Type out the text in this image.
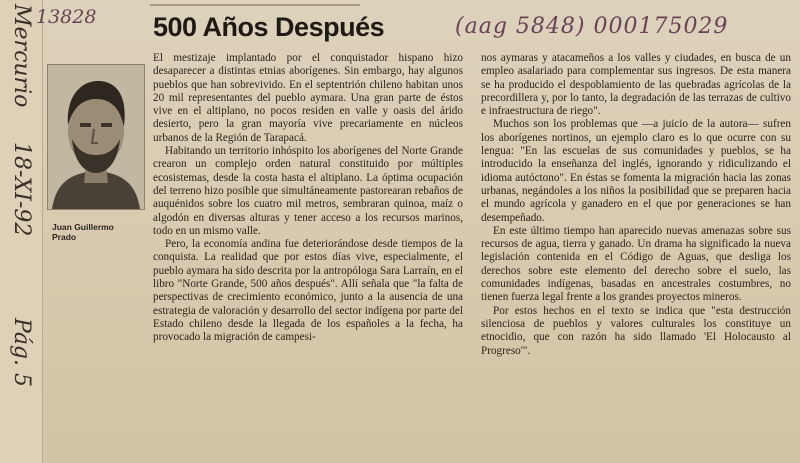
Mercurio
18-XI-92
Pág. 5
13828 500 Años Después	(aag 5848) 000175029
Juan Guillermo Prado

El mestizaje implantado por el conquistador hispano hizo desaparecer a distintas etnias aborígenes. Sin embargo, hay algunos pueblos que han sobrevivido. En el septentrión chileno habitan unos 20 mil representantes del pueblo aymara. Una gran parte de éstos vive en el altiplano, no pocos residen en valle y oasis del árido desierto, pero la gran mayoría vive precariamente en núcleos urbanos de la Región de Tarapacá.

Habitando un territorio inhóspito los aborígenes del Norte Grande crearon un complejo orden natural constituido por múltiples ecosistemas, desde la costa hasta el altiplano. La óptima ocupación del terreno hizo posible que simultáneamente pastorearan rebaños de auquénidos sobre los cuatro mil metros, sembraran quinoa, maíz o algodón en diversas alturas y tener acceso a los recursos marinos, todo en un mismo valle.

Pero, la economía andina fue deteriorándose desde tiempos de la conquista. La realidad que por estos días vive, especialmente, el pueblo aymara ha sido descrita por la antropóloga Sara Larraín, en el libro "Norte Grande, 500 años después". Allí señala que "la falta de perspectivas de crecimiento económico, junto a la ausencia de una estrategia de valoración y desarrollo del sector indígena por parte del Estado chileno desde la llegada de los españoles a la fecha, ha provocado la migración de campesi-

nos aymaras y atacameños a los valles y ciudades, en busca de un empleo asalariado para complementar sus ingresos. De esta manera se ha producido el despoblamiento de las quebradas agrícolas de la precordillera y, por lo tanto, la degradación de las terrazas de cultivo e infraestructura de riego".

Muchos son los problemas que —a juicio de la autora— sufren los aborígenes nortinos, un ejemplo claro es lo que ocurre con su lengua: "En las escuelas de sus comunidades y pueblos, se ha introducido la enseñanza del inglés, ignorando y ridiculizando el idioma autóctono". En éstas se fomenta la migración hacia las zonas urbanas, negándoles a los niños la posibilidad que se preparen hacia el mundo agrícola y ganadero en el que por generaciones se han desempeñado.

En este último tiempo han aparecido nuevas amenazas sobre sus recursos de agua, tierra y ganado. Un drama ha significado la nueva legislación contenida en el Código de Aguas, que desliga los derechos sobre este elemento del derecho sobre el suelo, las comunidades indígenas, basadas en ancestrales costumbres, no tienen fuerza legal frente a los grandes proyectos mineros.

Por estos hechos en el texto se indica que "esta destrucción silenciosa de pueblos y valores culturales los constituye un etnocidio, que con razón ha sido llamado 'El Holocausto al Progreso'".
